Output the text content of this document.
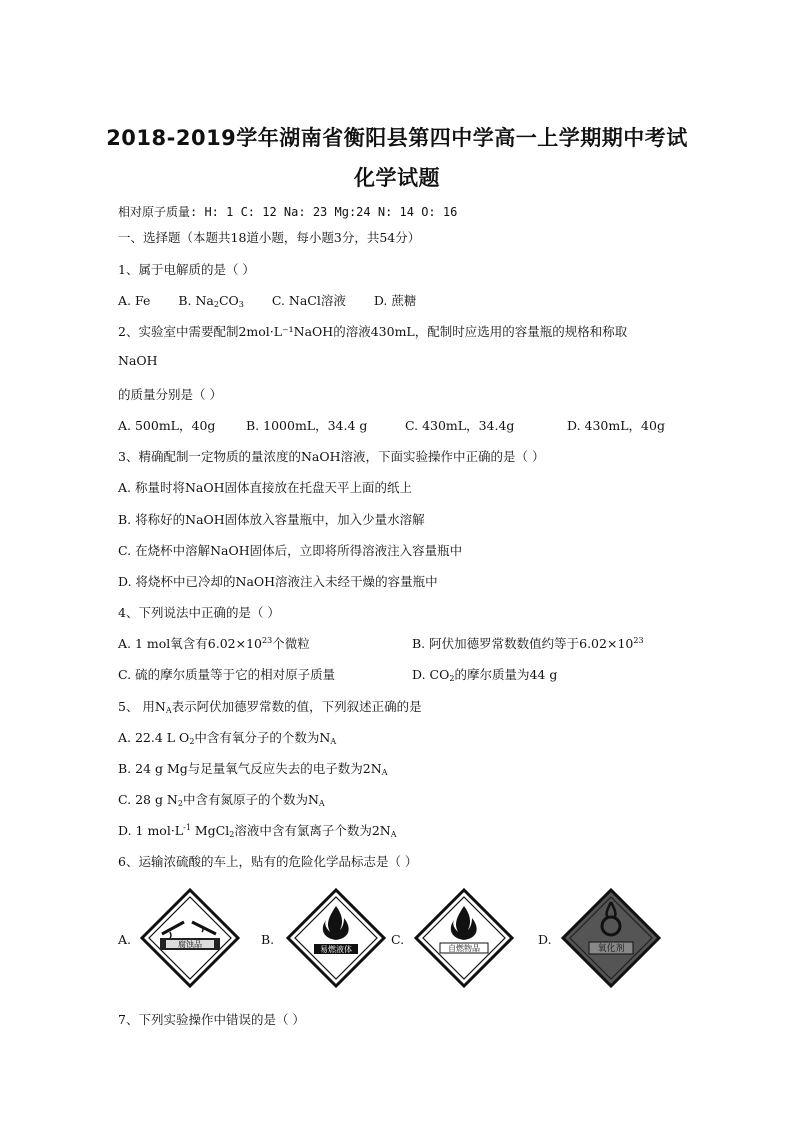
2018-2019学年湖南省衡阳县第四中学高一上学期期中考试
化学试题
相对原子质量: H: 1 C: 12 Na: 23 Mg:24 N: 14 O: 16
一、选择题（本题共18道小题，每小题3分，共54分）
1、属于电解质的是（ ）
A. Fe B. $Na_2CO_3$ C. NaCl溶液 D. 蔗糖
2、实验室中需要配制2mol·L⁻¹NaOH的溶液430mL，配制时应选用的容量瓶的规格和称取
NaOH
的质量分别是（ ）
A. 500mL，40g B. 1000mL，34.4 g	C. 430mL，34.4g	D. 430mL，40g
3、精确配制一定物质的量浓度的NaOH溶液，下面实验操作中正确的是（ ）
A. 称量时将NaOH固体直接放在托盘天平上面的纸上
B. 将称好的NaOH固体放入容量瓶中，加入少量水溶解
C. 在烧杯中溶解NaOH固体后，立即将所得溶液注入容量瓶中
D. 将烧杯中已冷却的NaOH溶液注入未经干燥的容量瓶中
4、下列说法中正确的是（ ）
A. 1 mol氧含有$6.02\times 10^{23}$个微粒	B. 阿伏加德罗常数数值约等于$6.02\times 10^{23}$
C. 硫的摩尔质量等于它的相对原子质量	D. $CO_2$的摩尔质量为44 g
5、 用$N_A$表示阿伏加德罗常数的值，下列叙述正确的是
A. 22.4 L $O_2$中含有氧分子的个数为$N_A$
B. 24 g Mg与足量氧气反应失去的电子数为$2N_A$
C. 28 g $N_2$中含有氮原子的个数为$N_A$
D. 1 $mol\cdot L^{-1}$ MgCl$_2$溶液中含有氯离子个数为$2N_A$
6、运输浓硫酸的车上，贴有的危险化学品标志是（ ）
A.	腐蚀品	B.
易燃液体
C.
自燃物品
D.
氧化剂
7、下列实验操作中错误的是（ ）
